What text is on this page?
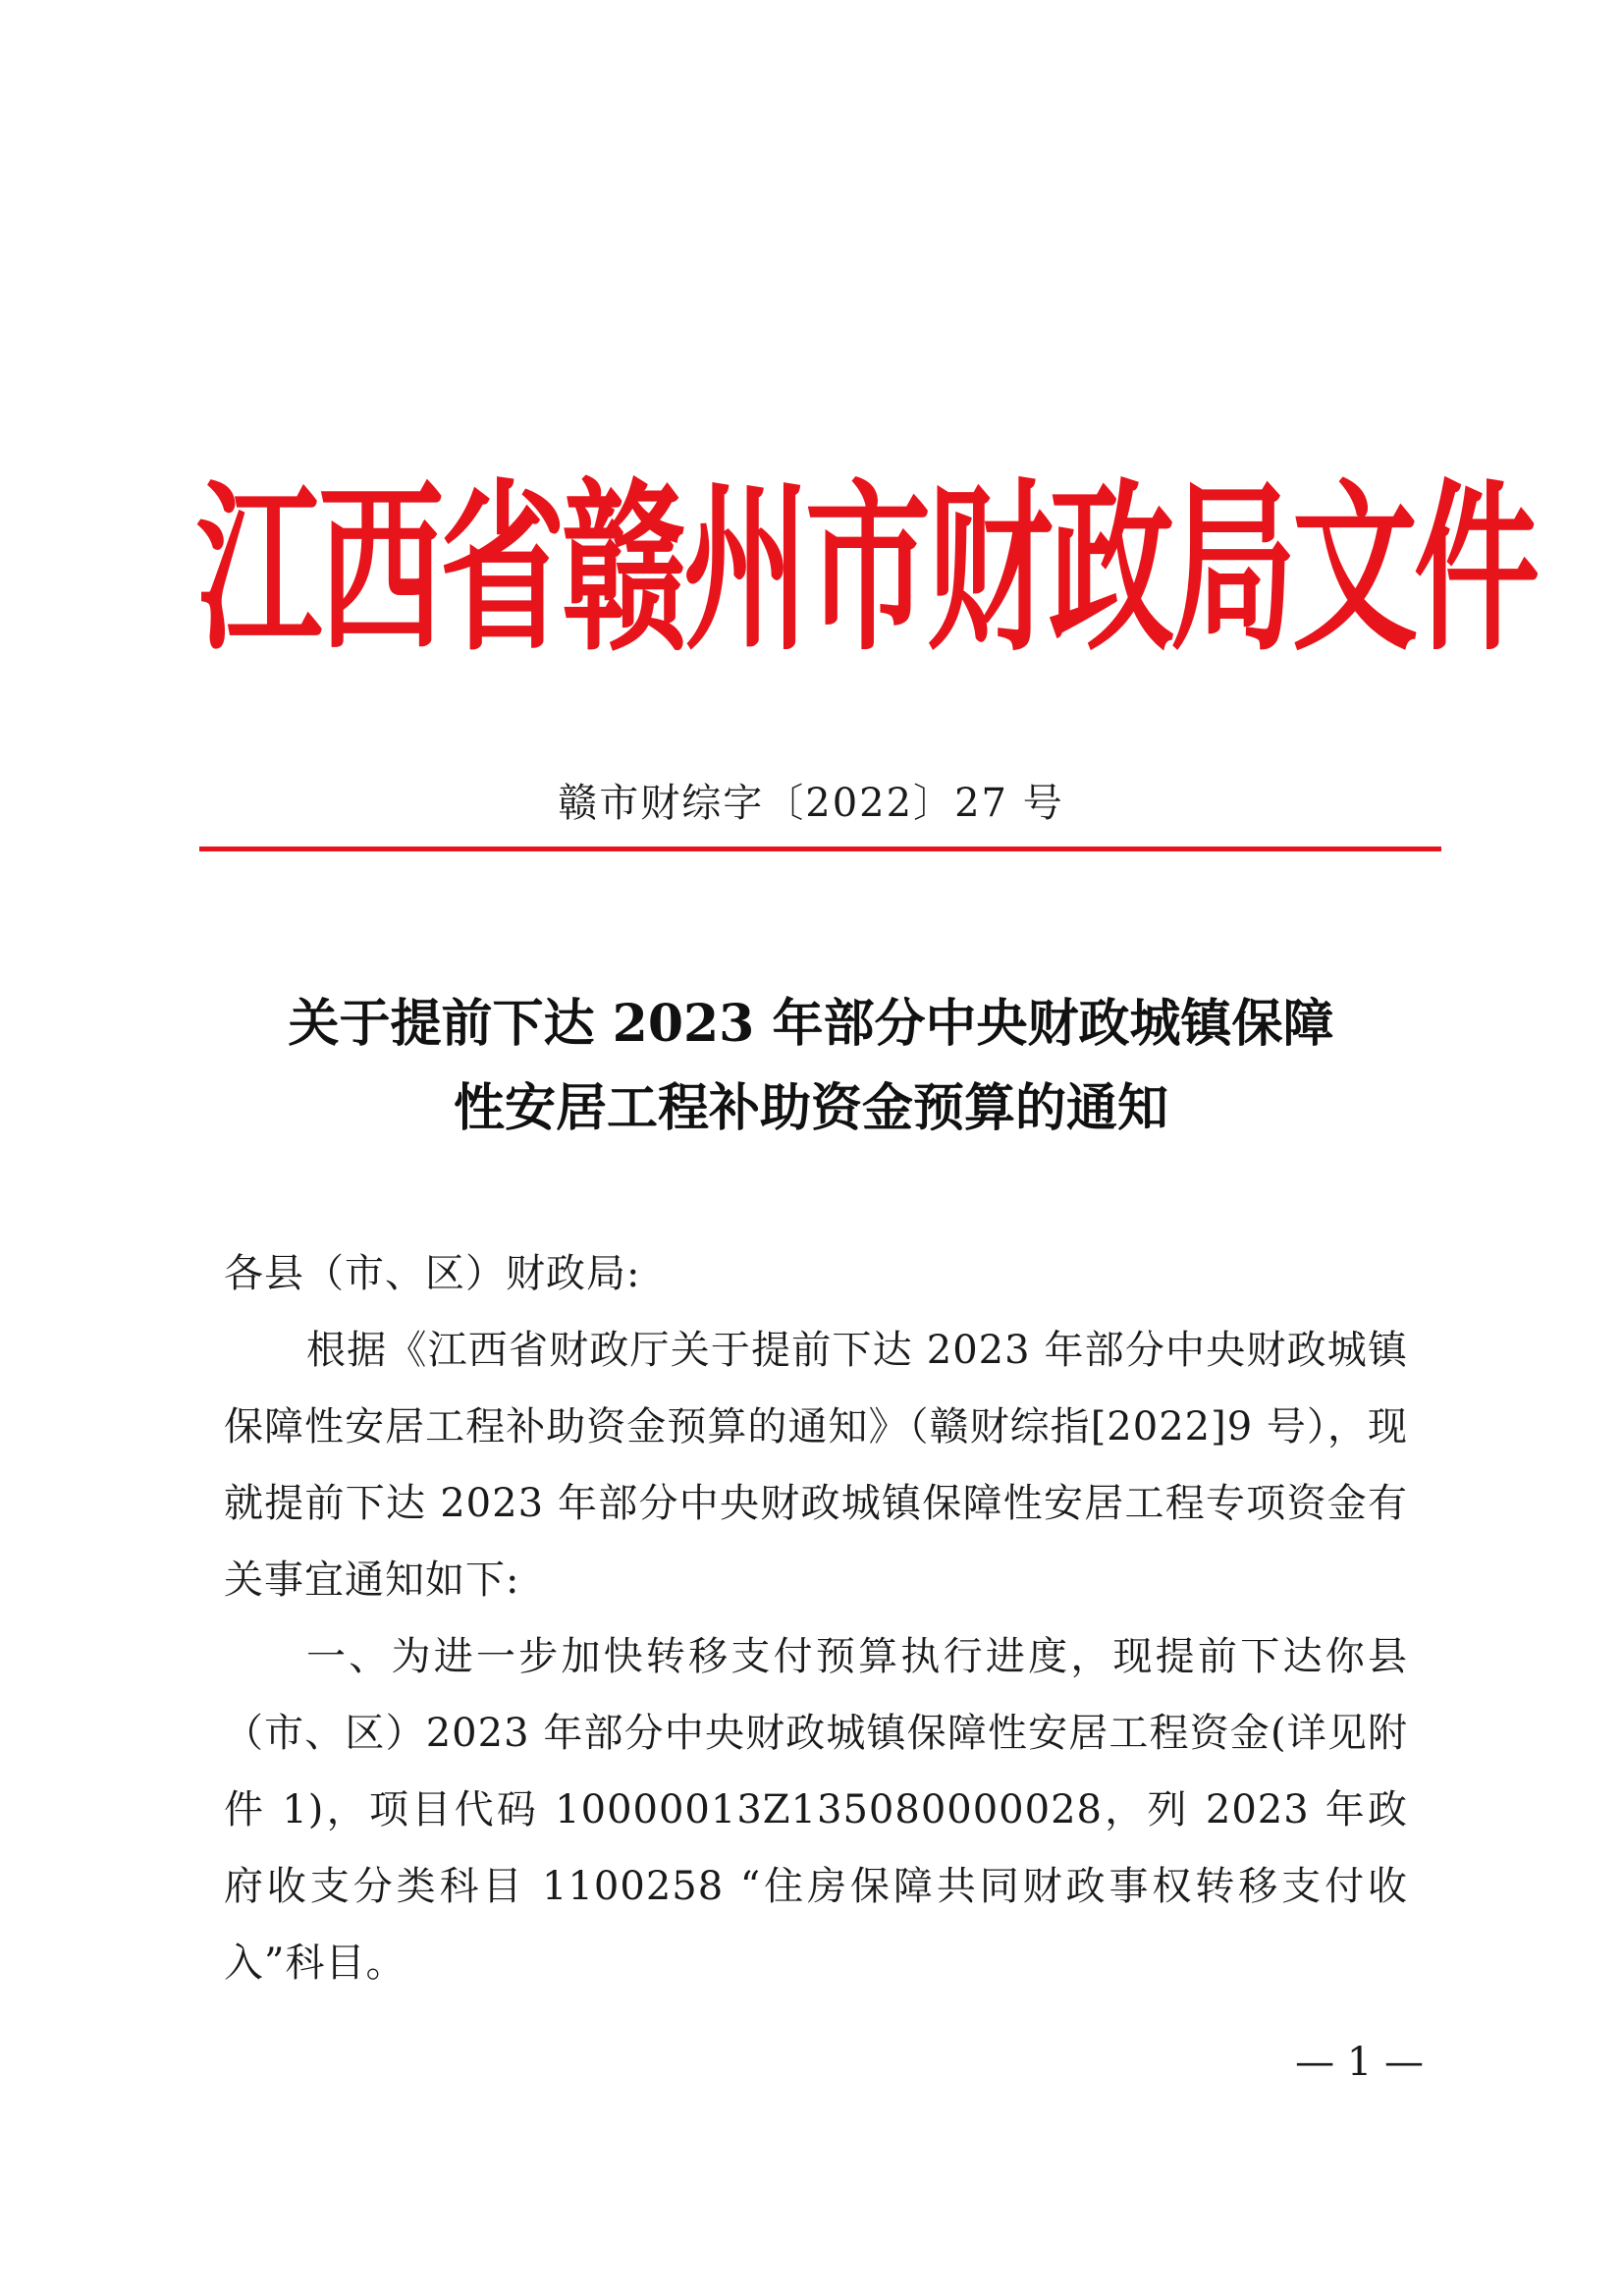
江西省赣州市财政局文件
赣市财综字〔2022〕27 号
关于提前下达 2023 年部分中央财政城镇保障
性安居工程补助资金预算的通知
各县（市、区）财政局:
根据《江西省财政厅关于提前下达 2023 年部分中央财政城镇保障性安居工程补助资金预算的通知》（赣财综指[2022]9 号），现就提前下达 2023 年部分中央财政城镇保障性安居工程专项资金有关事宜通知如下:
一、为进一步加快转移支付预算执行进度，现提前下达你县（市、区）2023 年部分中央财政城镇保障性安居工程资金(详见附件 1)，项目代码 10000013Z135080000028，列 2023 年政府收支分类科目 1100258 “住房保障共同财政事权转移支付收入”科目。
— 1 —
